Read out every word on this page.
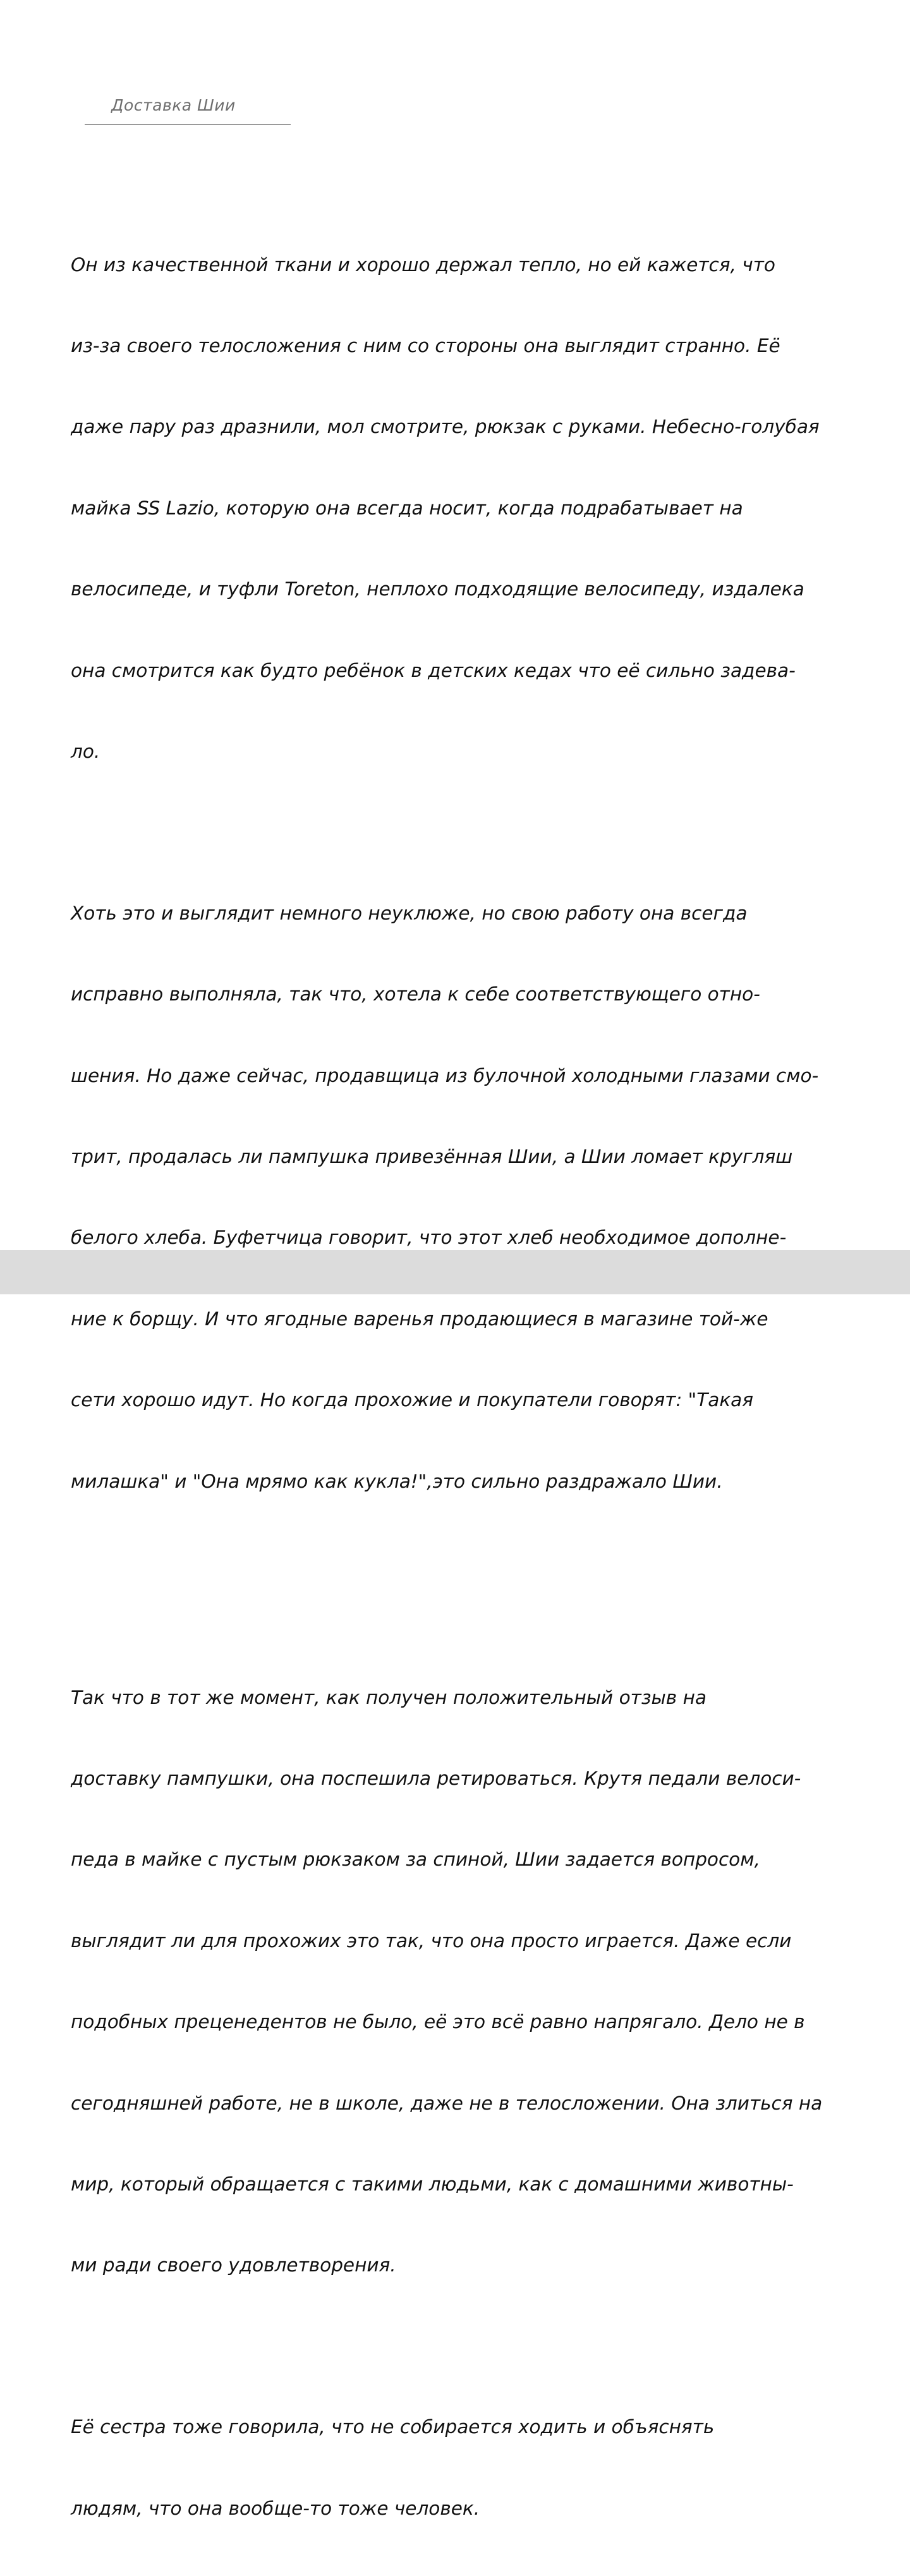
Доставка Шии

Он из качественной ткани и хорошо держал тепло, но ей кажется, что

из-за своего телосложения с ним со стороны она выглядит странно. Её

даже пару раз дразнили, мол смотрите, рюкзак с руками. Небесно-голубая

майка SS Lazio, которую она всегда носит, когда подрабатывает на

велосипеде, и туфли Toreton, неплохо подходящие велосипеду, издалека

она смотрится как будто ребёнок в детских кедах что её сильно задева-

ло.

Хоть это и выглядит немного неуклюже, но свою работу она всегда

исправно выполняла, так что, хотела к себе соответствующего отно-

шения. Но даже сейчас, продавщица из булочной холодными глазами смо-

трит, продалась ли пампушка привезённая Шии, а Шии ломает кругляш

белого хлеба. Буфетчица говорит, что этот хлеб необходимое дополне-

ние к борщу. И что ягодные варенья продающиеся в магазине той-же

сети хорошо идут. Но когда прохожие и покупатели говорят: "Такая

милашка" и "Она мрямо как кукла!",это сильно раздражало Шии.

Так что в тот же момент, как получен положительный отзыв на

доставку пампушки, она поспешила ретироваться. Крутя педали велоси-

педа в майке с пустым рюкзаком за спиной, Шии задается вопросом,

выглядит ли для прохожих это так, что она просто играется. Даже если

подобных преценедентов не было, её это всё равно напрягало. Дело не в

сегодняшней работе, не в школе, даже не в телосложении. Она злиться на

мир, который обращается с такими людьми, как с домашними животны-

ми ради своего удовлетворения.

Её сестра тоже говорила, что не собирается ходить и объяснять

людям, что она вообще-то тоже человек.
